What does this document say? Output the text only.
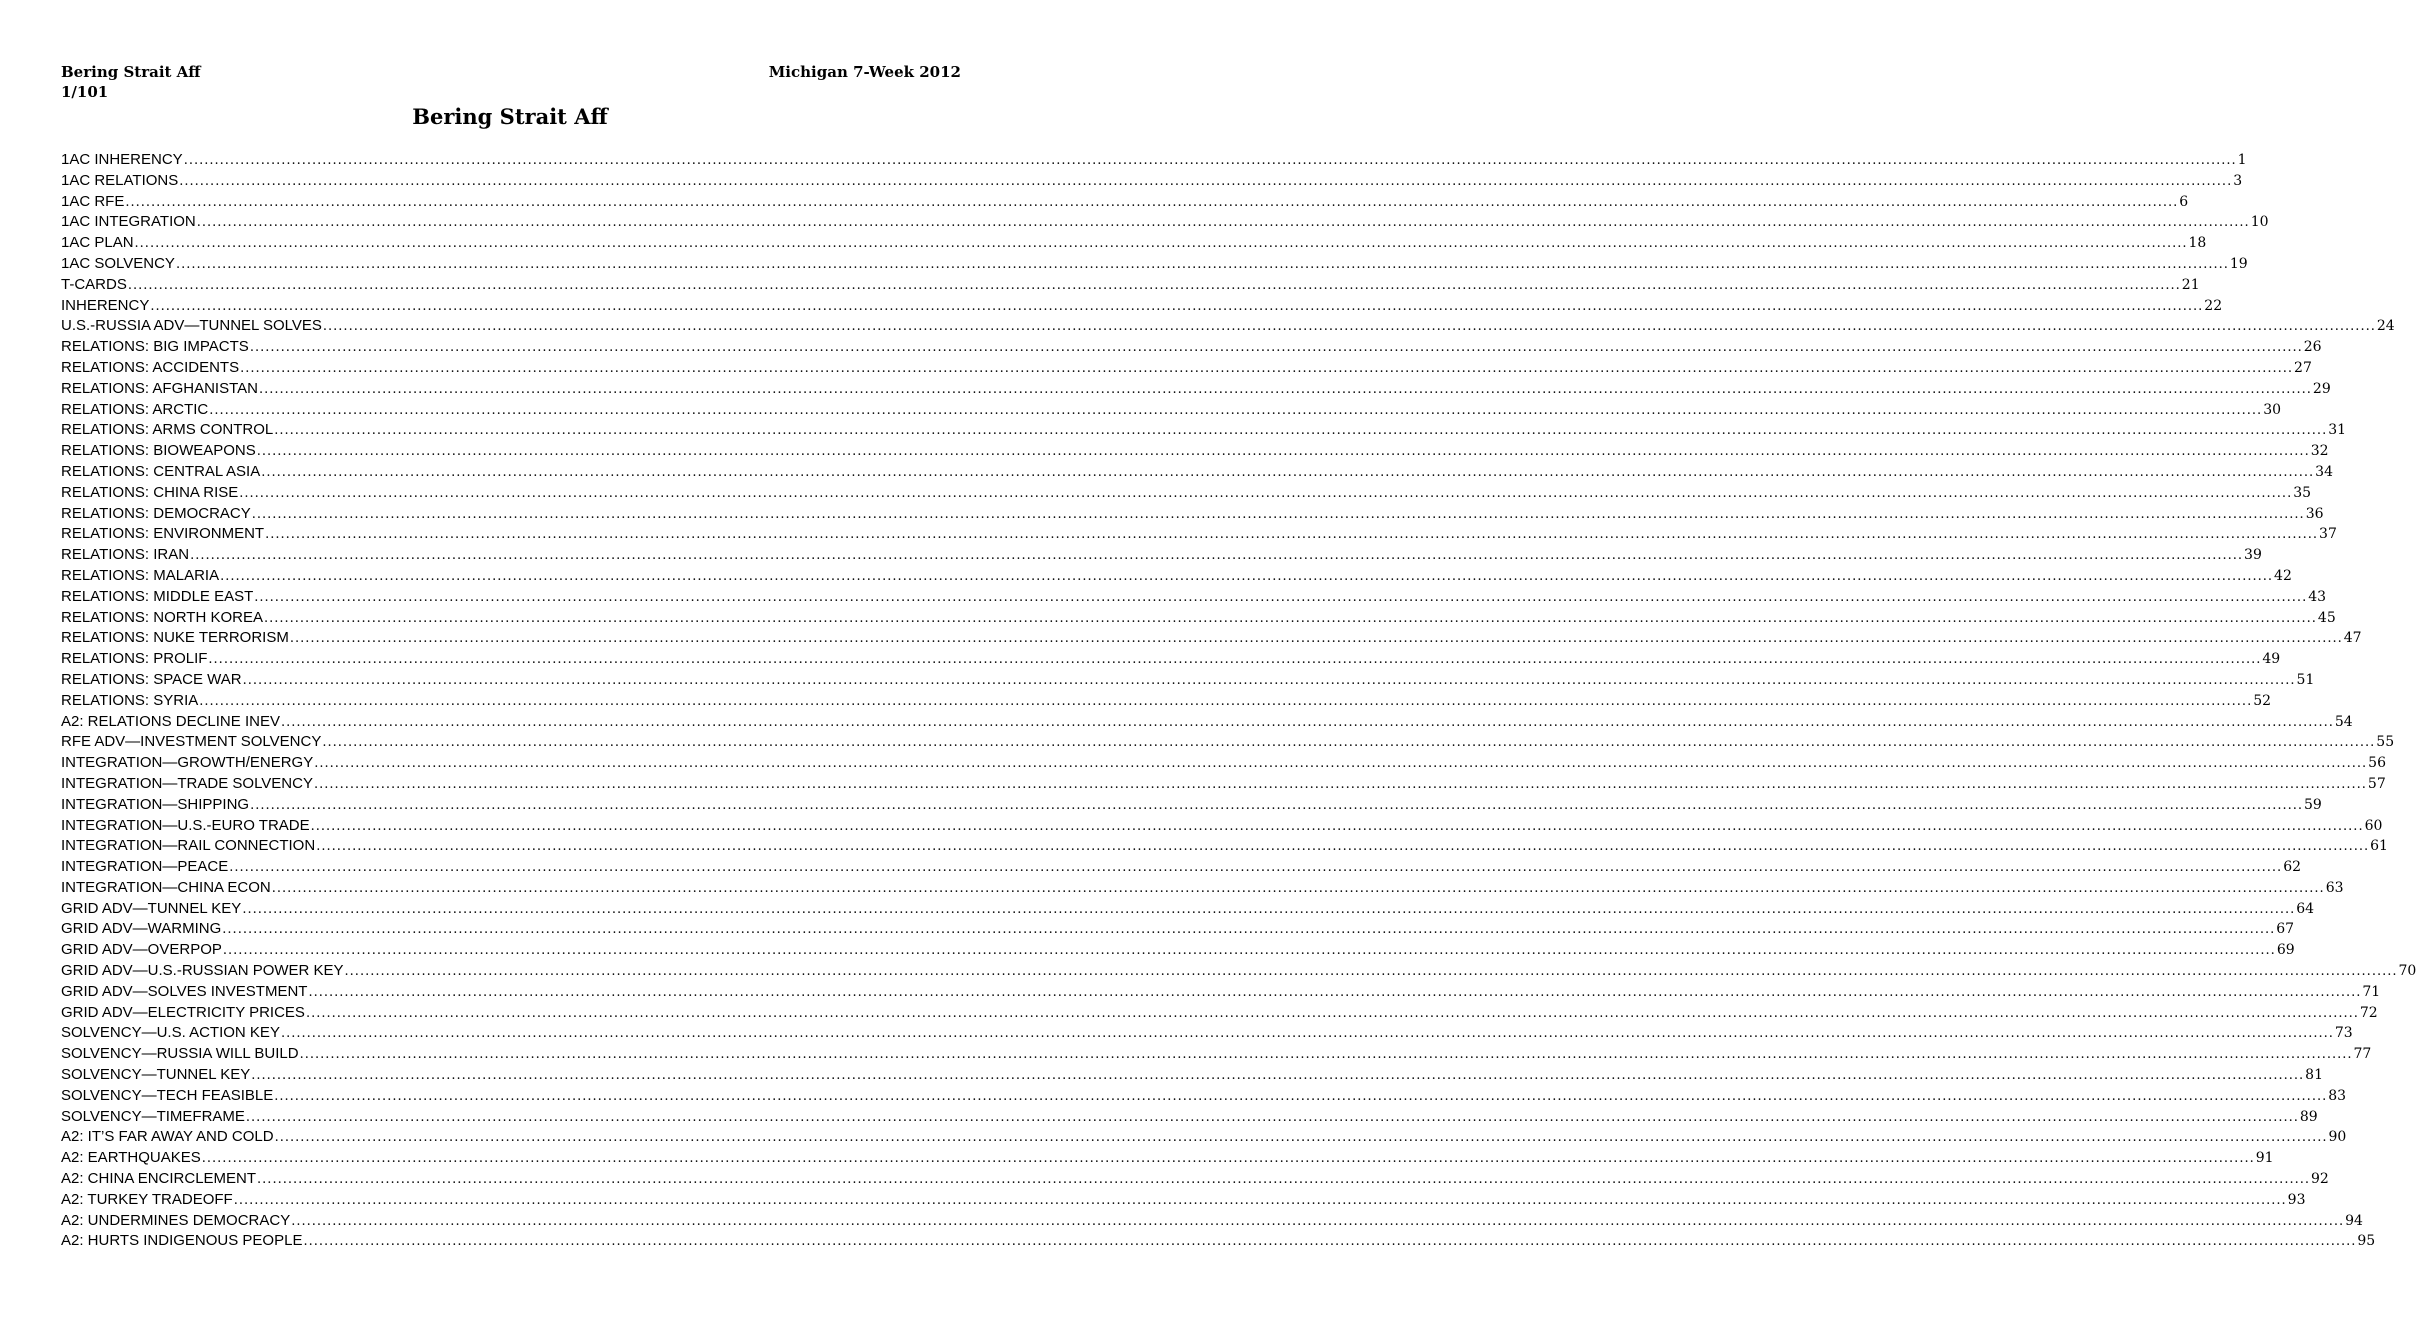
Bering Strait Aff	Michigan 7-Week 2012
1/101
Bering Strait Aff
1AC INHERENCY ................................................................................................................................................................................................................................................................................................................................................................................................................ 1
1AC RELATIONS ................................................................................................................................................................................................................................................................................................................................................................................................................ 3
1AC RFE ................................................................................................................................................................................................................................................................................................................................................................................................................ 6
1AC INTEGRATION ................................................................................................................................................................................................................................................................................................................................................................................................................ 10
1AC PLAN ................................................................................................................................................................................................................................................................................................................................................................................................................ 18
1AC SOLVENCY ................................................................................................................................................................................................................................................................................................................................................................................................................ 19
T-CARDS ................................................................................................................................................................................................................................................................................................................................................................................................................ 21
INHERENCY ................................................................................................................................................................................................................................................................................................................................................................................................................ 22
U.S.-RUSSIA ADV—TUNNEL SOLVES ................................................................................................................................................................................................................................................................................................................................................................................................................ 24
RELATIONS: BIG IMPACTS ................................................................................................................................................................................................................................................................................................................................................................................................................ 26
RELATIONS: ACCIDENTS ................................................................................................................................................................................................................................................................................................................................................................................................................ 27
RELATIONS: AFGHANISTAN ................................................................................................................................................................................................................................................................................................................................................................................................................ 29
RELATIONS: ARCTIC ................................................................................................................................................................................................................................................................................................................................................................................................................ 30
RELATIONS: ARMS CONTROL ................................................................................................................................................................................................................................................................................................................................................................................................................ 31
RELATIONS: BIOWEAPONS ................................................................................................................................................................................................................................................................................................................................................................................................................ 32
RELATIONS: CENTRAL ASIA ................................................................................................................................................................................................................................................................................................................................................................................................................ 34
RELATIONS: CHINA RISE ................................................................................................................................................................................................................................................................................................................................................................................................................ 35
RELATIONS: DEMOCRACY ................................................................................................................................................................................................................................................................................................................................................................................................................ 36
RELATIONS: ENVIRONMENT ................................................................................................................................................................................................................................................................................................................................................................................................................ 37
RELATIONS: IRAN ................................................................................................................................................................................................................................................................................................................................................................................................................ 39
RELATIONS: MALARIA ................................................................................................................................................................................................................................................................................................................................................................................................................ 42
RELATIONS: MIDDLE EAST ................................................................................................................................................................................................................................................................................................................................................................................................................ 43
RELATIONS: NORTH KOREA ................................................................................................................................................................................................................................................................................................................................................................................................................ 45
RELATIONS: NUKE TERRORISM ................................................................................................................................................................................................................................................................................................................................................................................................................ 47
RELATIONS: PROLIF ................................................................................................................................................................................................................................................................................................................................................................................................................ 49
RELATIONS: SPACE WAR ................................................................................................................................................................................................................................................................................................................................................................................................................ 51
RELATIONS: SYRIA ................................................................................................................................................................................................................................................................................................................................................................................................................ 52
A2: RELATIONS DECLINE INEV ................................................................................................................................................................................................................................................................................................................................................................................................................ 54
RFE ADV—INVESTMENT SOLVENCY ................................................................................................................................................................................................................................................................................................................................................................................................................ 55
INTEGRATION—GROWTH/ENERGY ................................................................................................................................................................................................................................................................................................................................................................................................................ 56
INTEGRATION—TRADE SOLVENCY ................................................................................................................................................................................................................................................................................................................................................................................................................ 57
INTEGRATION—SHIPPING ................................................................................................................................................................................................................................................................................................................................................................................................................ 59
INTEGRATION—U.S.-EURO TRADE ................................................................................................................................................................................................................................................................................................................................................................................................................ 60
INTEGRATION—RAIL CONNECTION ................................................................................................................................................................................................................................................................................................................................................................................................................ 61
INTEGRATION—PEACE ................................................................................................................................................................................................................................................................................................................................................................................................................ 62
INTEGRATION—CHINA ECON ................................................................................................................................................................................................................................................................................................................................................................................................................ 63
GRID ADV—TUNNEL KEY ................................................................................................................................................................................................................................................................................................................................................................................................................ 64
GRID ADV—WARMING ................................................................................................................................................................................................................................................................................................................................................................................................................ 67
GRID ADV—OVERPOP ................................................................................................................................................................................................................................................................................................................................................................................................................ 69
GRID ADV—U.S.-RUSSIAN POWER KEY ................................................................................................................................................................................................................................................................................................................................................................................................................ 70
GRID ADV—SOLVES INVESTMENT ................................................................................................................................................................................................................................................................................................................................................................................................................ 71
GRID ADV—ELECTRICITY PRICES ................................................................................................................................................................................................................................................................................................................................................................................................................ 72
SOLVENCY—U.S. ACTION KEY ................................................................................................................................................................................................................................................................................................................................................................................................................ 73
SOLVENCY—RUSSIA WILL BUILD ................................................................................................................................................................................................................................................................................................................................................................................................................ 77
SOLVENCY—TUNNEL KEY ................................................................................................................................................................................................................................................................................................................................................................................................................ 81
SOLVENCY—TECH FEASIBLE ................................................................................................................................................................................................................................................................................................................................................................................................................ 83
SOLVENCY—TIMEFRAME ................................................................................................................................................................................................................................................................................................................................................................................................................ 89
A2: IT’S FAR AWAY AND COLD ................................................................................................................................................................................................................................................................................................................................................................................................................ 90
A2: EARTHQUAKES ................................................................................................................................................................................................................................................................................................................................................................................................................ 91
A2: CHINA ENCIRCLEMENT ................................................................................................................................................................................................................................................................................................................................................................................................................ 92
A2: TURKEY TRADEOFF ................................................................................................................................................................................................................................................................................................................................................................................................................ 93
A2: UNDERMINES DEMOCRACY ................................................................................................................................................................................................................................................................................................................................................................................................................ 94
A2: HURTS INDIGENOUS PEOPLE ................................................................................................................................................................................................................................................................................................................................................................................................................ 95
